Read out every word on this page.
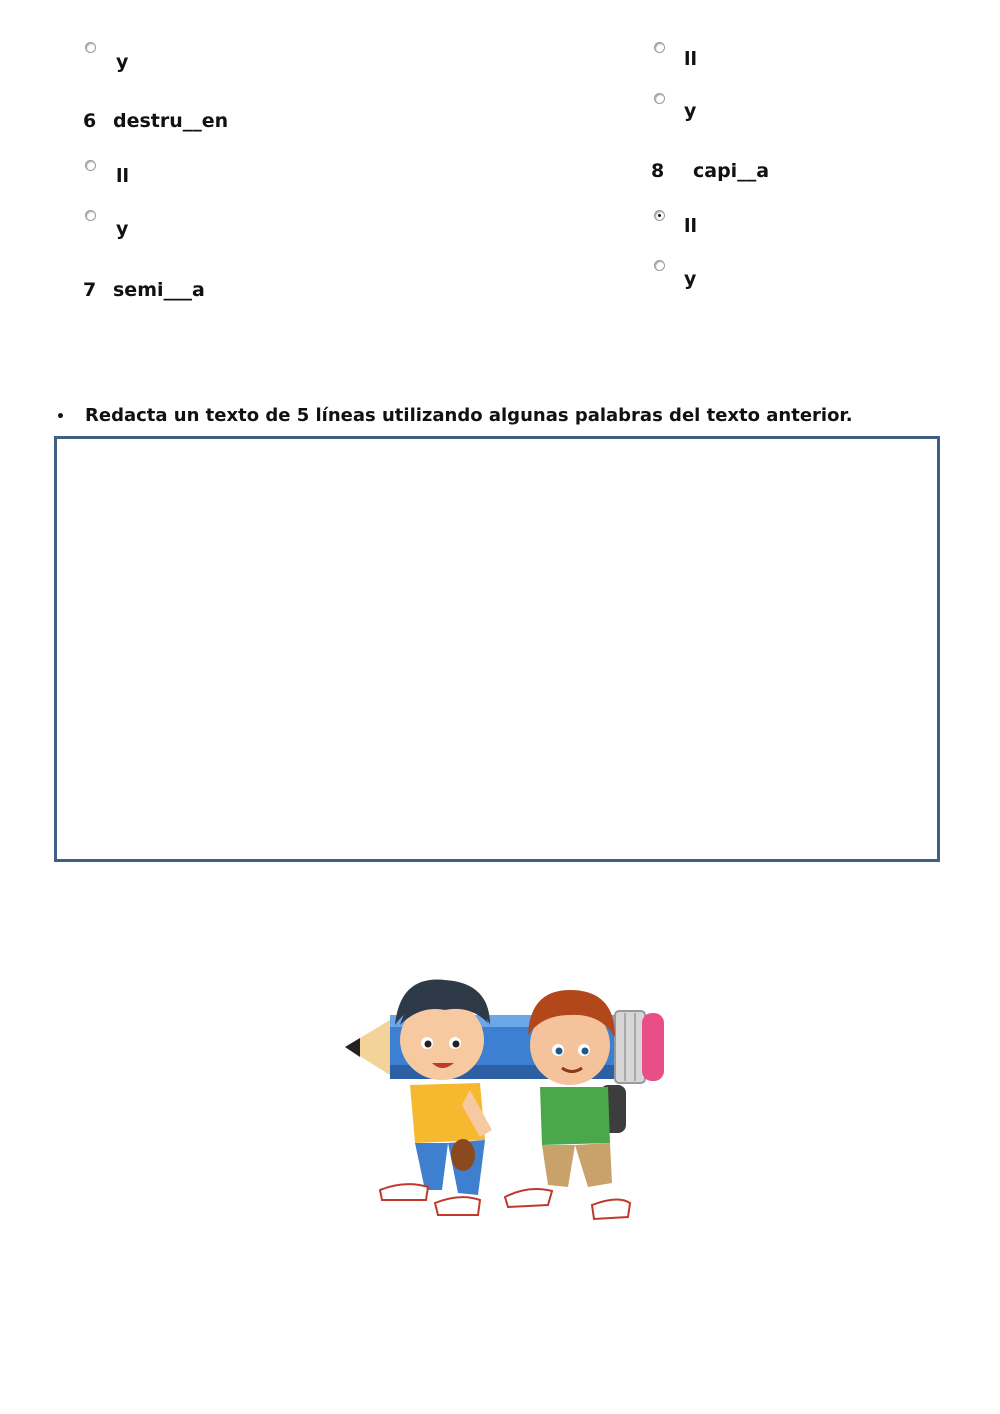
y
6 destru__en
ll
y
7 semi___a
ll
y
8 capi__a
ll
y
• Redacta un texto de 5 líneas utilizando algunas palabras del texto anterior.
